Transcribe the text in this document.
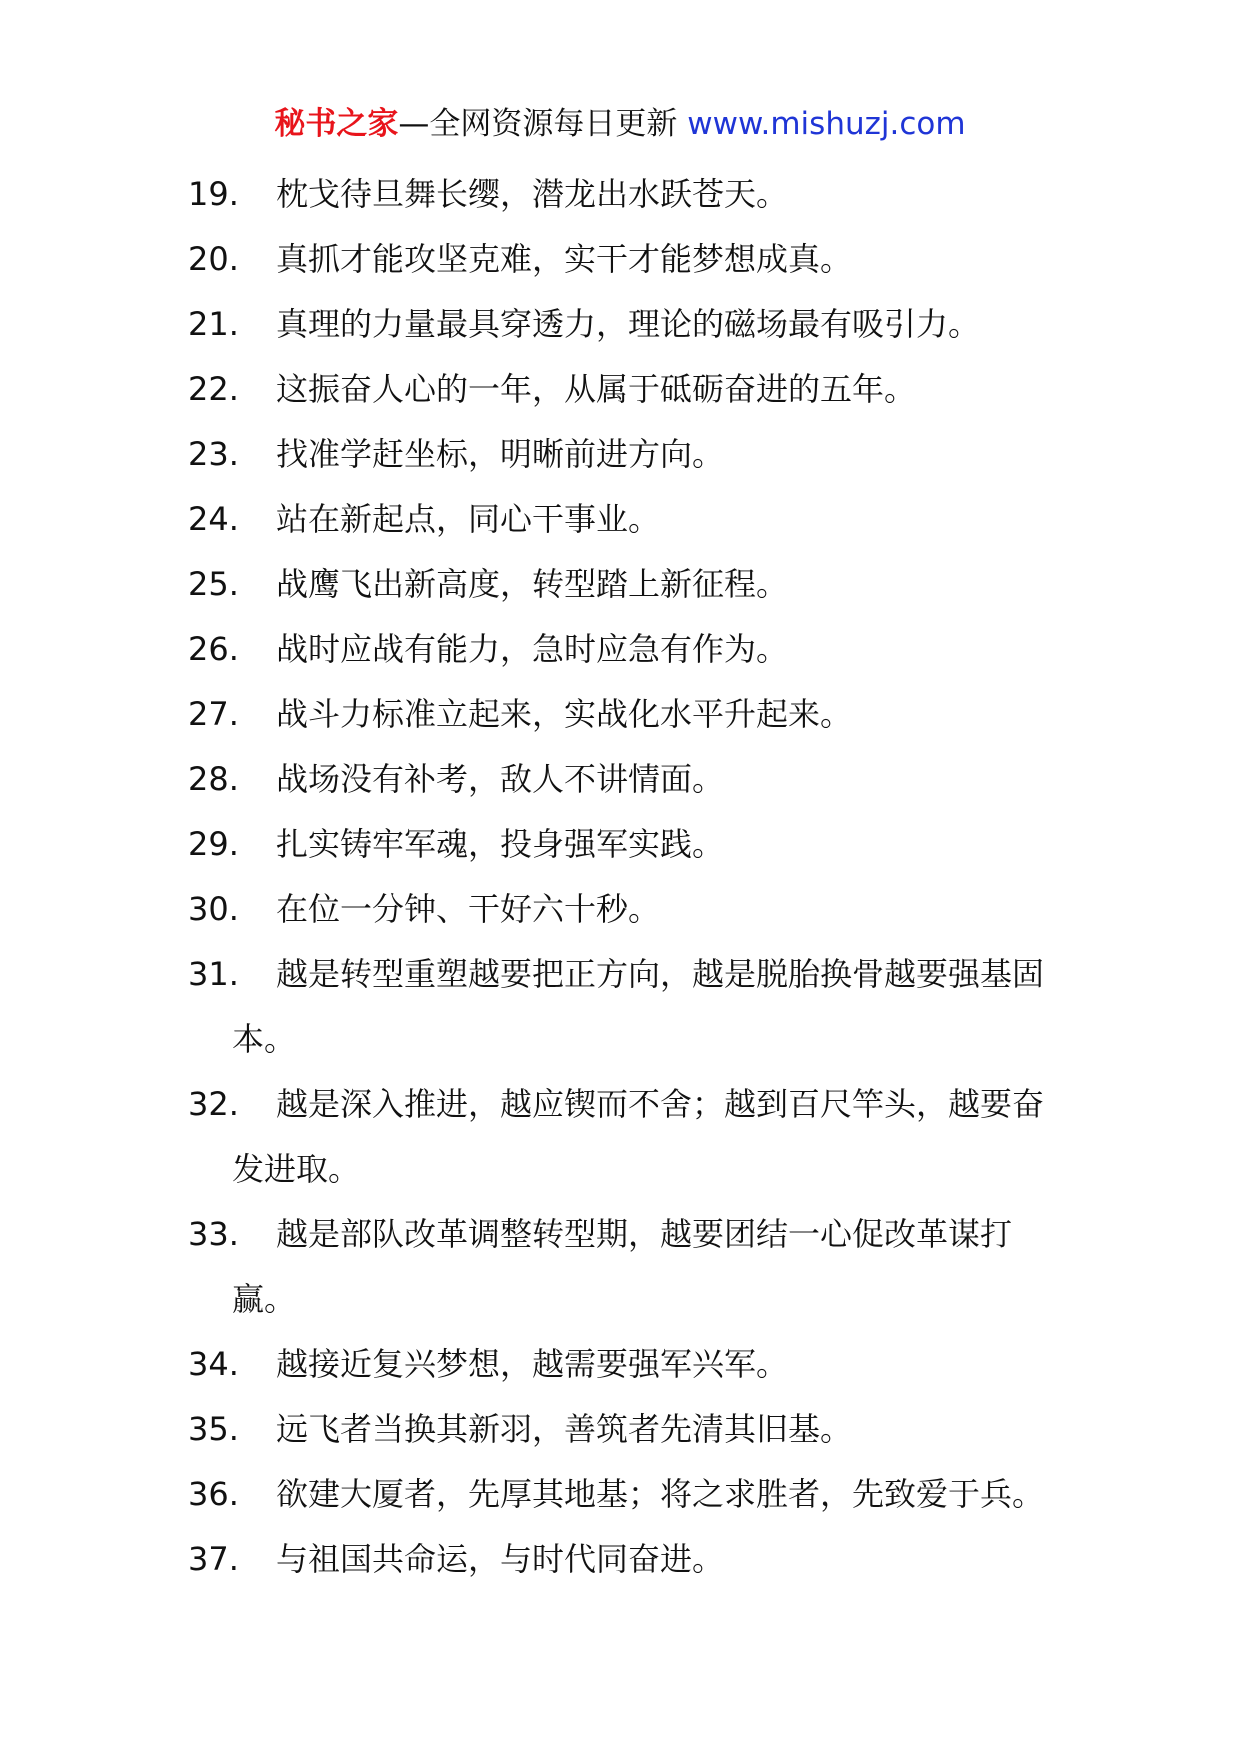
秘书之家—全网资源每日更新 www.mishuzj.com
19.	枕戈待旦舞长缨，潜龙出水跃苍天。
20.	真抓才能攻坚克难，实干才能梦想成真。
21.	真理的力量最具穿透力，理论的磁场最有吸引力。
22.	这振奋人心的一年，从属于砥砺奋进的五年。
23.	找准学赶坐标，明晰前进方向。
24.	站在新起点，同心干事业。
25.	战鹰飞出新高度，转型踏上新征程。
26.	战时应战有能力，急时应急有作为。
27.	战斗力标准立起来，实战化水平升起来。
28.	战场没有补考，敌人不讲情面。
29.	扎实铸牢军魂，投身强军实践。
30.	在位一分钟、干好六十秒。
31.	越是转型重塑越要把正方向，越是脱胎换骨越要强基固本。
32.	越是深入推进，越应锲而不舍；越到百尺竿头，越要奋发进取。
33.	越是部队改革调整转型期，越要团结一心促改革谋打赢。
34.	越接近复兴梦想，越需要强军兴军。
35.	远飞者当换其新羽，善筑者先清其旧基。
36.	欲建大厦者，先厚其地基；将之求胜者，先致爱于兵。
37.	与祖国共命运，与时代同奋进。
